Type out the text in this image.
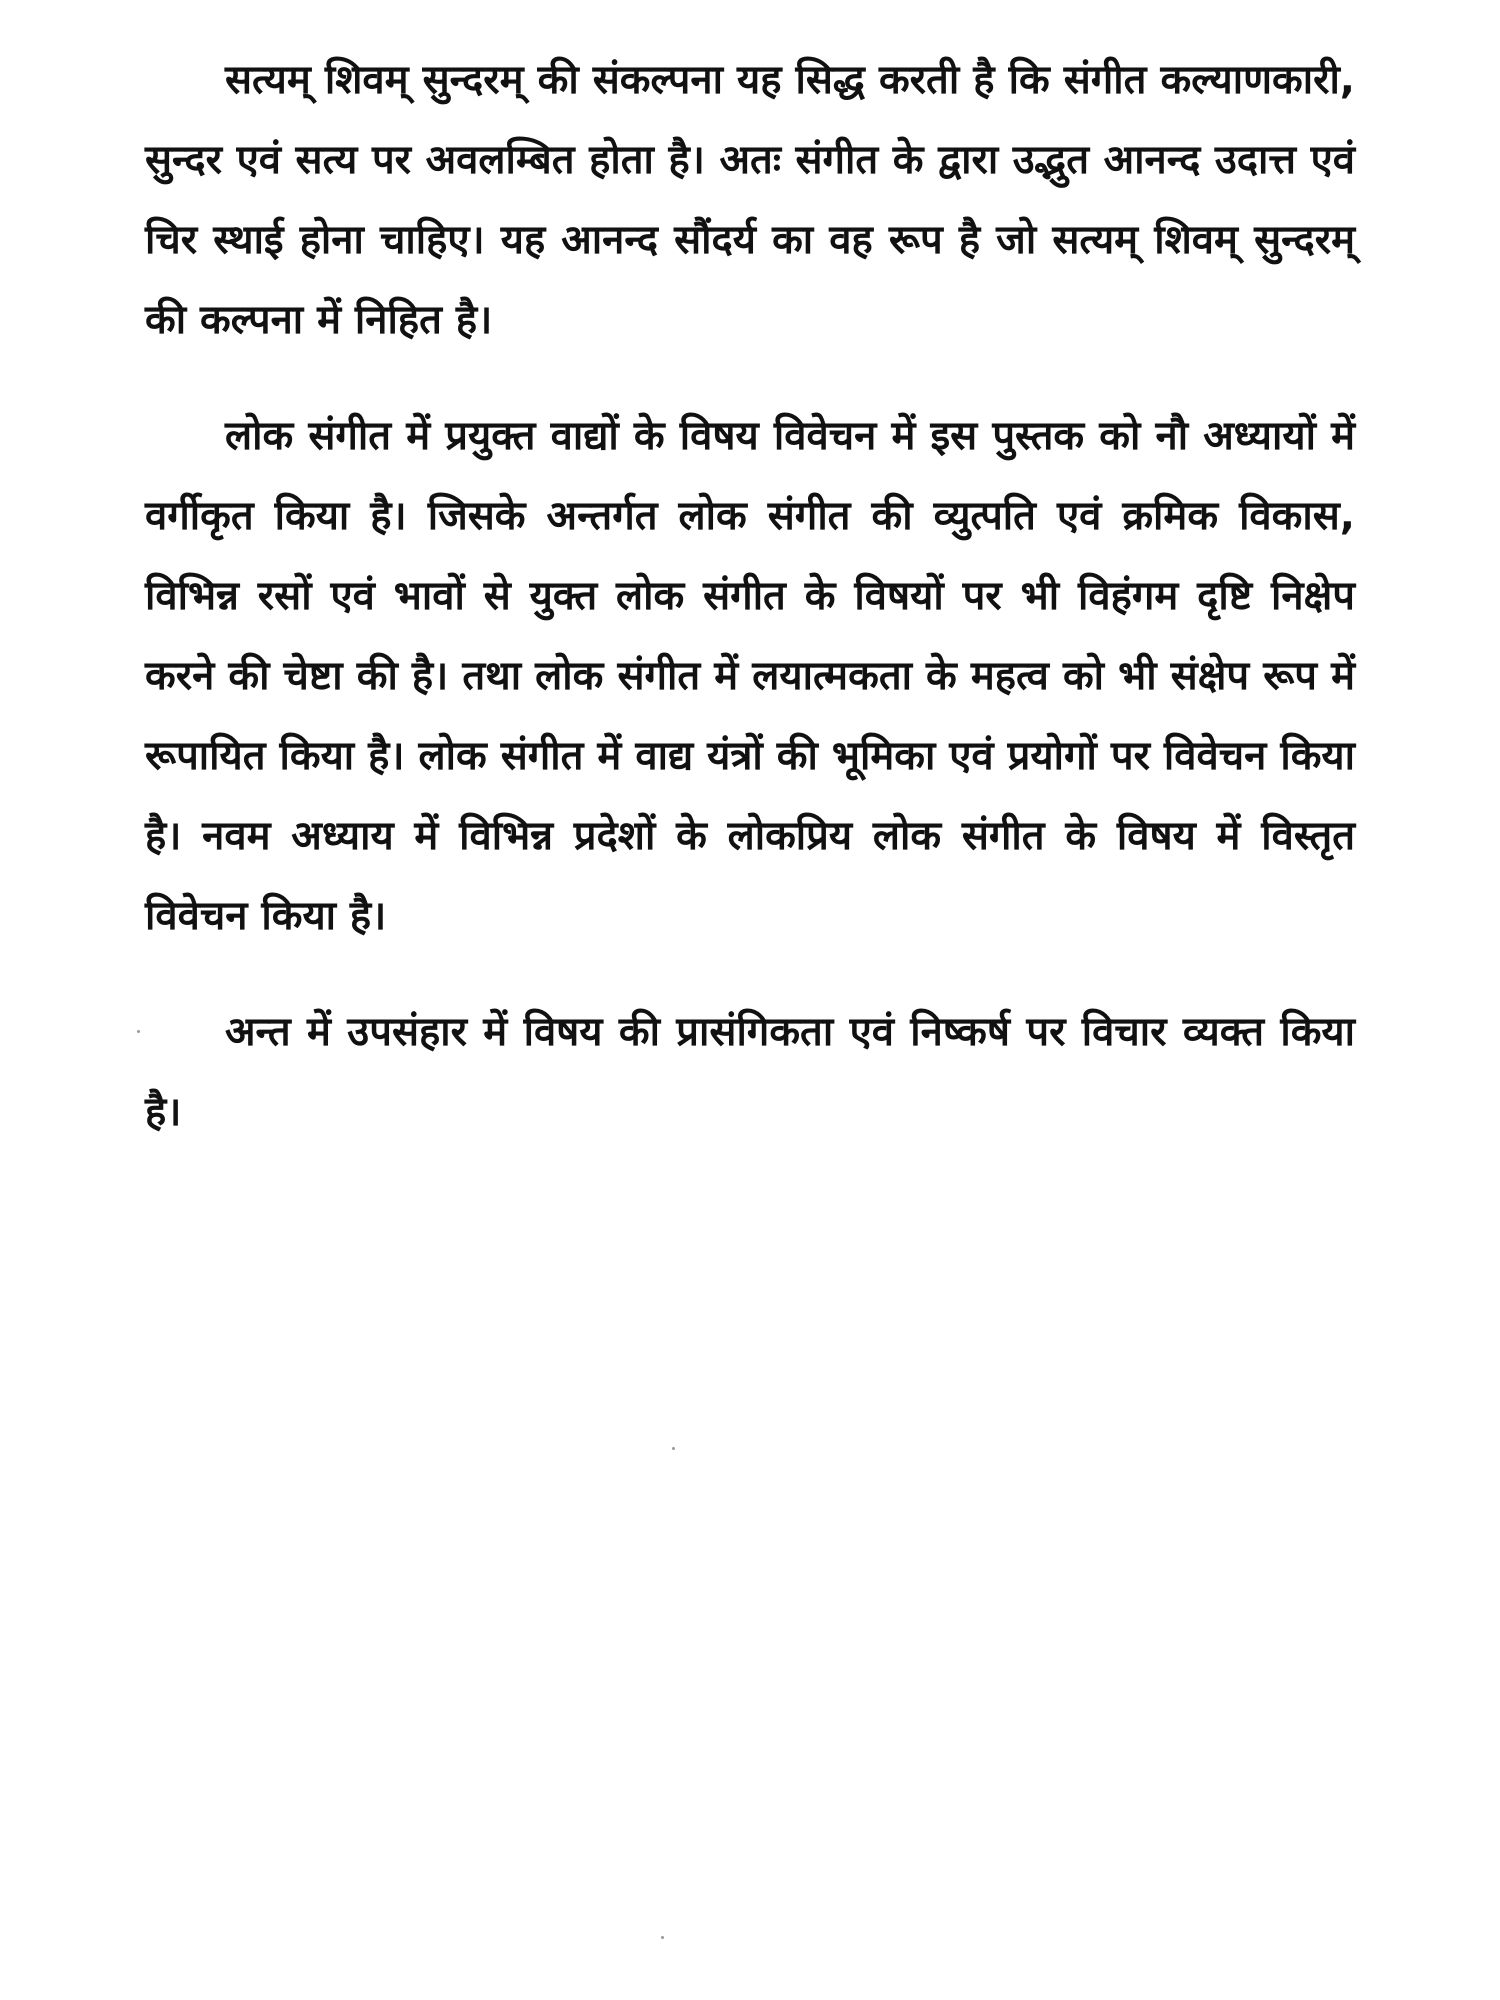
सत्यम् शिवम् सुन्दरम् की संकल्पना यह सिद्ध करती है कि संगीत कल्याणकारी, सुन्दर एवं सत्य पर अवलम्बित होता है। अतः संगीत के द्वारा उद्भुत आनन्द उदात्त एवं चिर स्थाई होना चाहिए। यह आनन्द सौंदर्य का वह रूप है जो सत्यम् शिवम् सुन्दरम् की कल्पना में निहित है।

लोक संगीत में प्रयुक्त वाद्यों के विषय विवेचन में इस पुस्तक को नौ अध्यायों में वर्गीकृत किया है। जिसके अन्तर्गत लोक संगीत की व्युत्पति एवं क्रमिक विकास, विभिन्न रसों एवं भावों से युक्त लोक संगीत के विषयों पर भी विहंगम दृष्टि निक्षेप करने की चेष्टा की है। तथा लोक संगीत में लयात्मकता के महत्व को भी संक्षेप रूप में रूपायित किया है। लोक संगीत में वाद्य यंत्रों की भूमिका एवं प्रयोगों पर विवेचन किया है। नवम अध्याय में विभिन्न प्रदेशों के लोकप्रिय लोक संगीत के विषय में विस्तृत विवेचन किया है।

अन्त में उपसंहार में विषय की प्रासंगिकता एवं निष्कर्ष पर विचार व्यक्त किया है।
